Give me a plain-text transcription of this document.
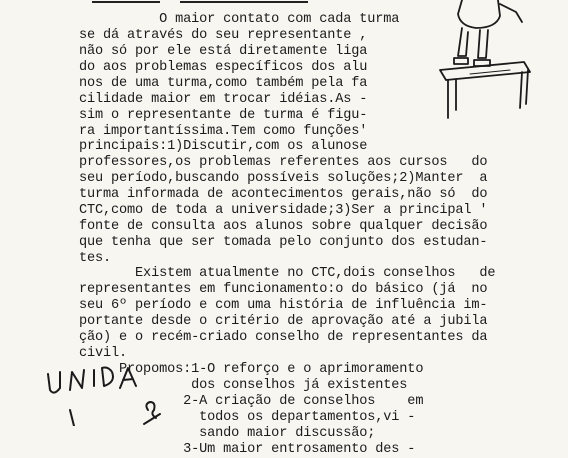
O maior contato com cada turma
se dá através do seu representante ,
não só por ele está diretamente liga
do aos problemas específicos dos alu
nos de uma turma,como também pela fa
cilidade maior em trocar idéias.As -
sim o representante de turma é figu-
ra importantíssima.Tem como funções'
principais:1)Discutir,com os alunose
professores,os problemas referentes aos cursos   do
seu período,buscando possíveis soluções;2)Manter  a
turma informada de acontecimentos gerais,não só  do
CTC,como de toda a universidade;3)Ser a principal '
fonte de consulta aos alunos sobre qualquer decisão
que tenha que ser tomada pelo conjunto dos estudan-
tes.
Existem atualmente no CTC,dois conselhos   de
representantes em funcionamento:o do básico (já  no
seu 6º período e com uma história de influência im-
portante desde o critério de aprovação até a jubila
ção) e o recém-criado conselho de representantes da
civil.
Propomos:1-O reforço e o aprimoramento
dos conselhos já existentes
2-A criação de conselhos    em
todos os departamentos,vi -
sando maior discussão;
3-Um maior entrosamento des -
